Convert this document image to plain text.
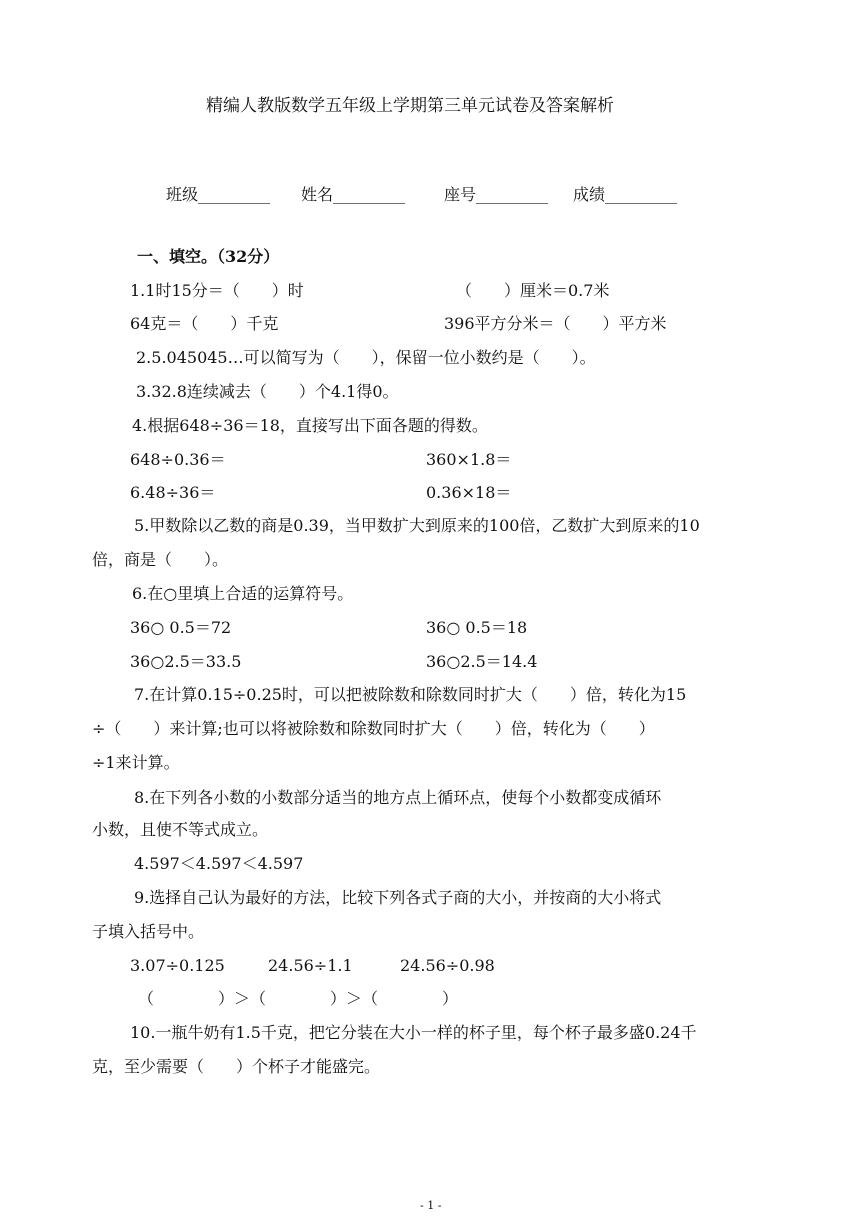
精编人教版数学五年级上学期第三单元试卷及答案解析
班级_________ 姓名_________ 座号_________ 成绩_________
一、填空。（32分）
1.1时15分＝（　　）时	（　　）厘米＝0.7米
64克＝（　　）千克	396平方分米＝（　　）平方米
2.5.045045…可以简写为（　　），保留一位小数约是（　　）。
3.32.8连续减去（　　）个4.1得0。
4.根据648÷36＝18，直接写出下面各题的得数。
648÷0.36＝	360×1.8＝
6.48÷36＝	0.36×18＝
5.甲数除以乙数的商是0.39，当甲数扩大到原来的100倍，乙数扩大到原来的10
倍，商是（　　）。
6.在○里填上合适的运算符号。
36○ 0.5＝72	36○ 0.5＝18
36○2.5＝33.5	36○2.5＝14.4
7.在计算0.15÷0.25时，可以把被除数和除数同时扩大（　　）倍，转化为15
÷（　　）来计算;也可以将被除数和除数同时扩大（　　）倍，转化为（　　）
÷1来计算。
8.在下列各小数的小数部分适当的地方点上循环点，使每个小数都变成循环
小数，且使不等式成立。
4.597＜4.597＜4.597
9.选择自己认为最好的方法，比较下列各式子商的大小，并按商的大小将式
子填入括号中。
3.07÷0.125	24.56÷1.1	24.56÷0.98
（　　　　）＞（　　　　）＞（　　　　）
10.一瓶牛奶有1.5千克，把它分装在大小一样的杯子里，每个杯子最多盛0.24千
克，至少需要（　　）个杯子才能盛完。
- 1 -
